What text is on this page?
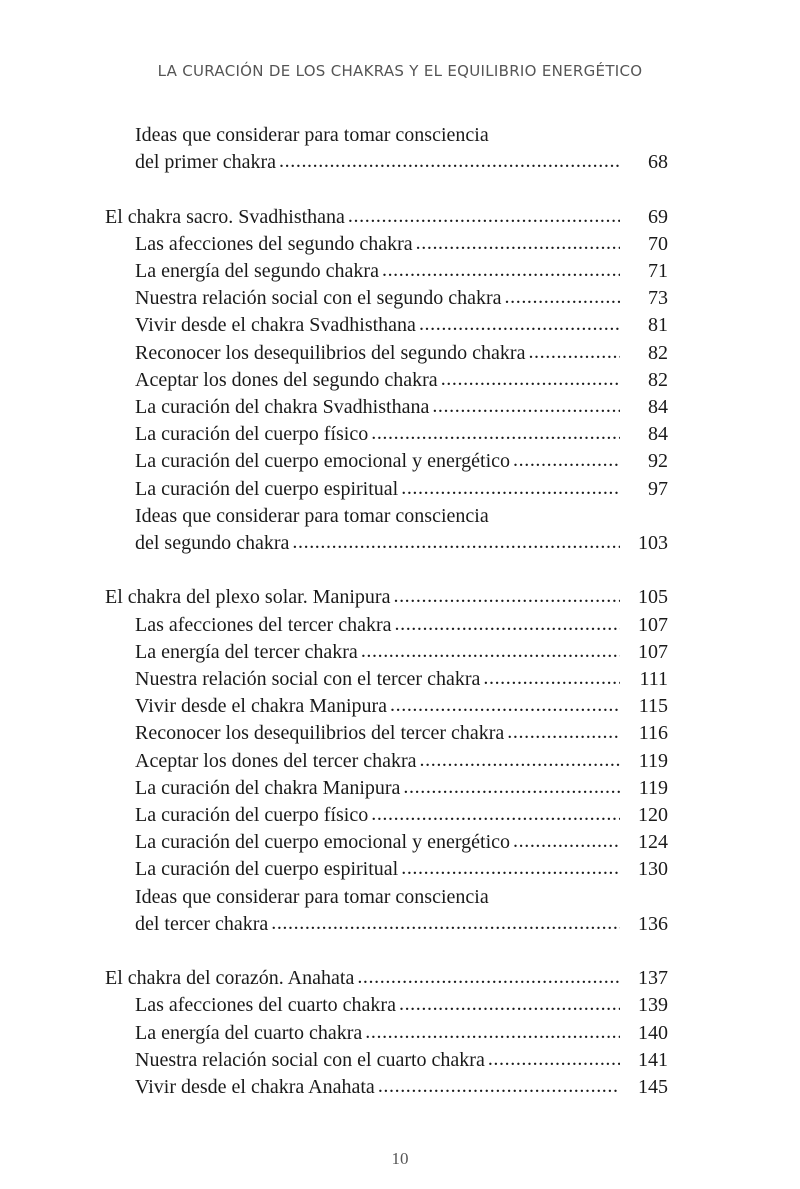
LA CURACIÓN DE LOS CHAKRAS Y EL EQUILIBRIO ENERGÉTICO
Ideas que considerar para tomar consciencia
del primer chakra .....	68
El chakra sacro. Svadhisthana .....	69
Las afecciones del segundo chakra .....	70
La energía del segundo chakra .....	71
Nuestra relación social con el segundo chakra .....	73
Vivir desde el chakra Svadhisthana .....	81
Reconocer los desequilibrios del segundo chakra .....	82
Aceptar los dones del segundo chakra .....	82
La curación del chakra Svadhisthana .....	84
La curación del cuerpo físico .....	84
La curación del cuerpo emocional y energético .....	92
La curación del cuerpo espiritual .....	97
Ideas que considerar para tomar consciencia
del segundo chakra .....	103
El chakra del plexo solar. Manipura .....	105
Las afecciones del tercer chakra .....	107
La energía del tercer chakra .....	107
Nuestra relación social con el tercer chakra .....	111
Vivir desde el chakra Manipura .....	115
Reconocer los desequilibrios del tercer chakra .....	116
Aceptar los dones del tercer chakra .....	119
La curación del chakra Manipura .....	119
La curación del cuerpo físico .....	120
La curación del cuerpo emocional y energético .....	124
La curación del cuerpo espiritual .....	130
Ideas que considerar para tomar consciencia
del tercer chakra .....	136
El chakra del corazón. Anahata .....	137
Las afecciones del cuarto chakra .....	139
La energía del cuarto chakra .....	140
Nuestra relación social con el cuarto chakra .....	141
Vivir desde el chakra Anahata .....	145
10
